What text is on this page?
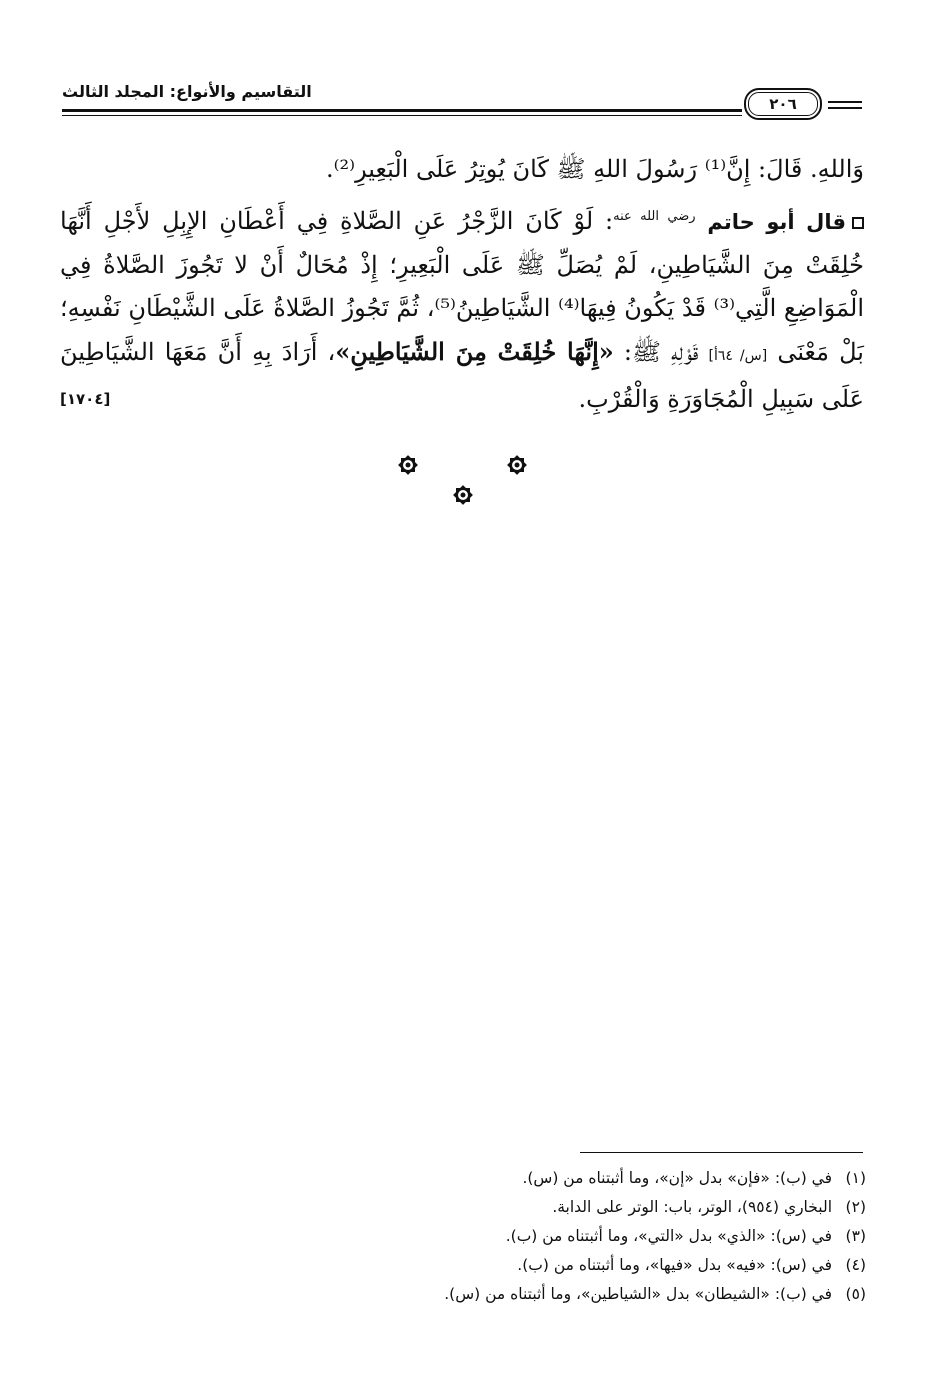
التقاسيم والأنواع: المجلد الثالث
٢٠٦

وَاللهِ. قَالَ: إِنَّ⁽¹⁾ رَسُولَ اللهِ ﷺ كَانَ يُوتِرُ عَلَى الْبَعِيرِ⁽²⁾.

قال أبو حاتم $^{رضي الله عنه}$: لَوْ كَانَ الزَّجْرُ عَنِ الصَّلاةِ فِي أَعْطَانِ الإِبِلِ لأَجْلِ أَنَّهَا خُلِقَتْ مِنَ الشَّيَاطِينِ، لَمْ يُصَلِّ ﷺ عَلَى الْبَعِيرِ؛ إِذْ مُحَالٌ أَنْ لا تَجُوزَ الصَّلاةُ فِي الْمَوَاضِعِ الَّتِي⁽³⁾ قَدْ يَكُونُ فِيهَا⁽⁴⁾ الشَّيَاطِينُ⁽⁵⁾، ثُمَّ تَجُوزُ الصَّلاةُ عَلَى الشَّيْطَانِ نَفْسِهِ؛ بَلْ مَعْنَى [س/ ٦٤أ] قَوْلِهِ ﷺ: «إِنَّهَا خُلِقَتْ مِنَ الشَّيَاطِينِ»، أَرَادَ بِهِ أَنَّ مَعَهَا الشَّيَاطِينَ عَلَى سَبِيلِ الْمُجَاوَرَةِ وَالْقُرْبِ.
[١٧٠٤]

(١)في (ب): «فإن» بدل «إن»، وما أثبتناه من (س).
(٢)البخاري (٩٥٤)، الوتر، باب: الوتر على الدابة.
(٣)في (س): «الذي» بدل «التي»، وما أثبتناه من (ب).
(٤)في (س): «فيه» بدل «فيها»، وما أثبتناه من (ب).
(٥)في (ب): «الشيطان» بدل «الشياطين»، وما أثبتناه من (س).
